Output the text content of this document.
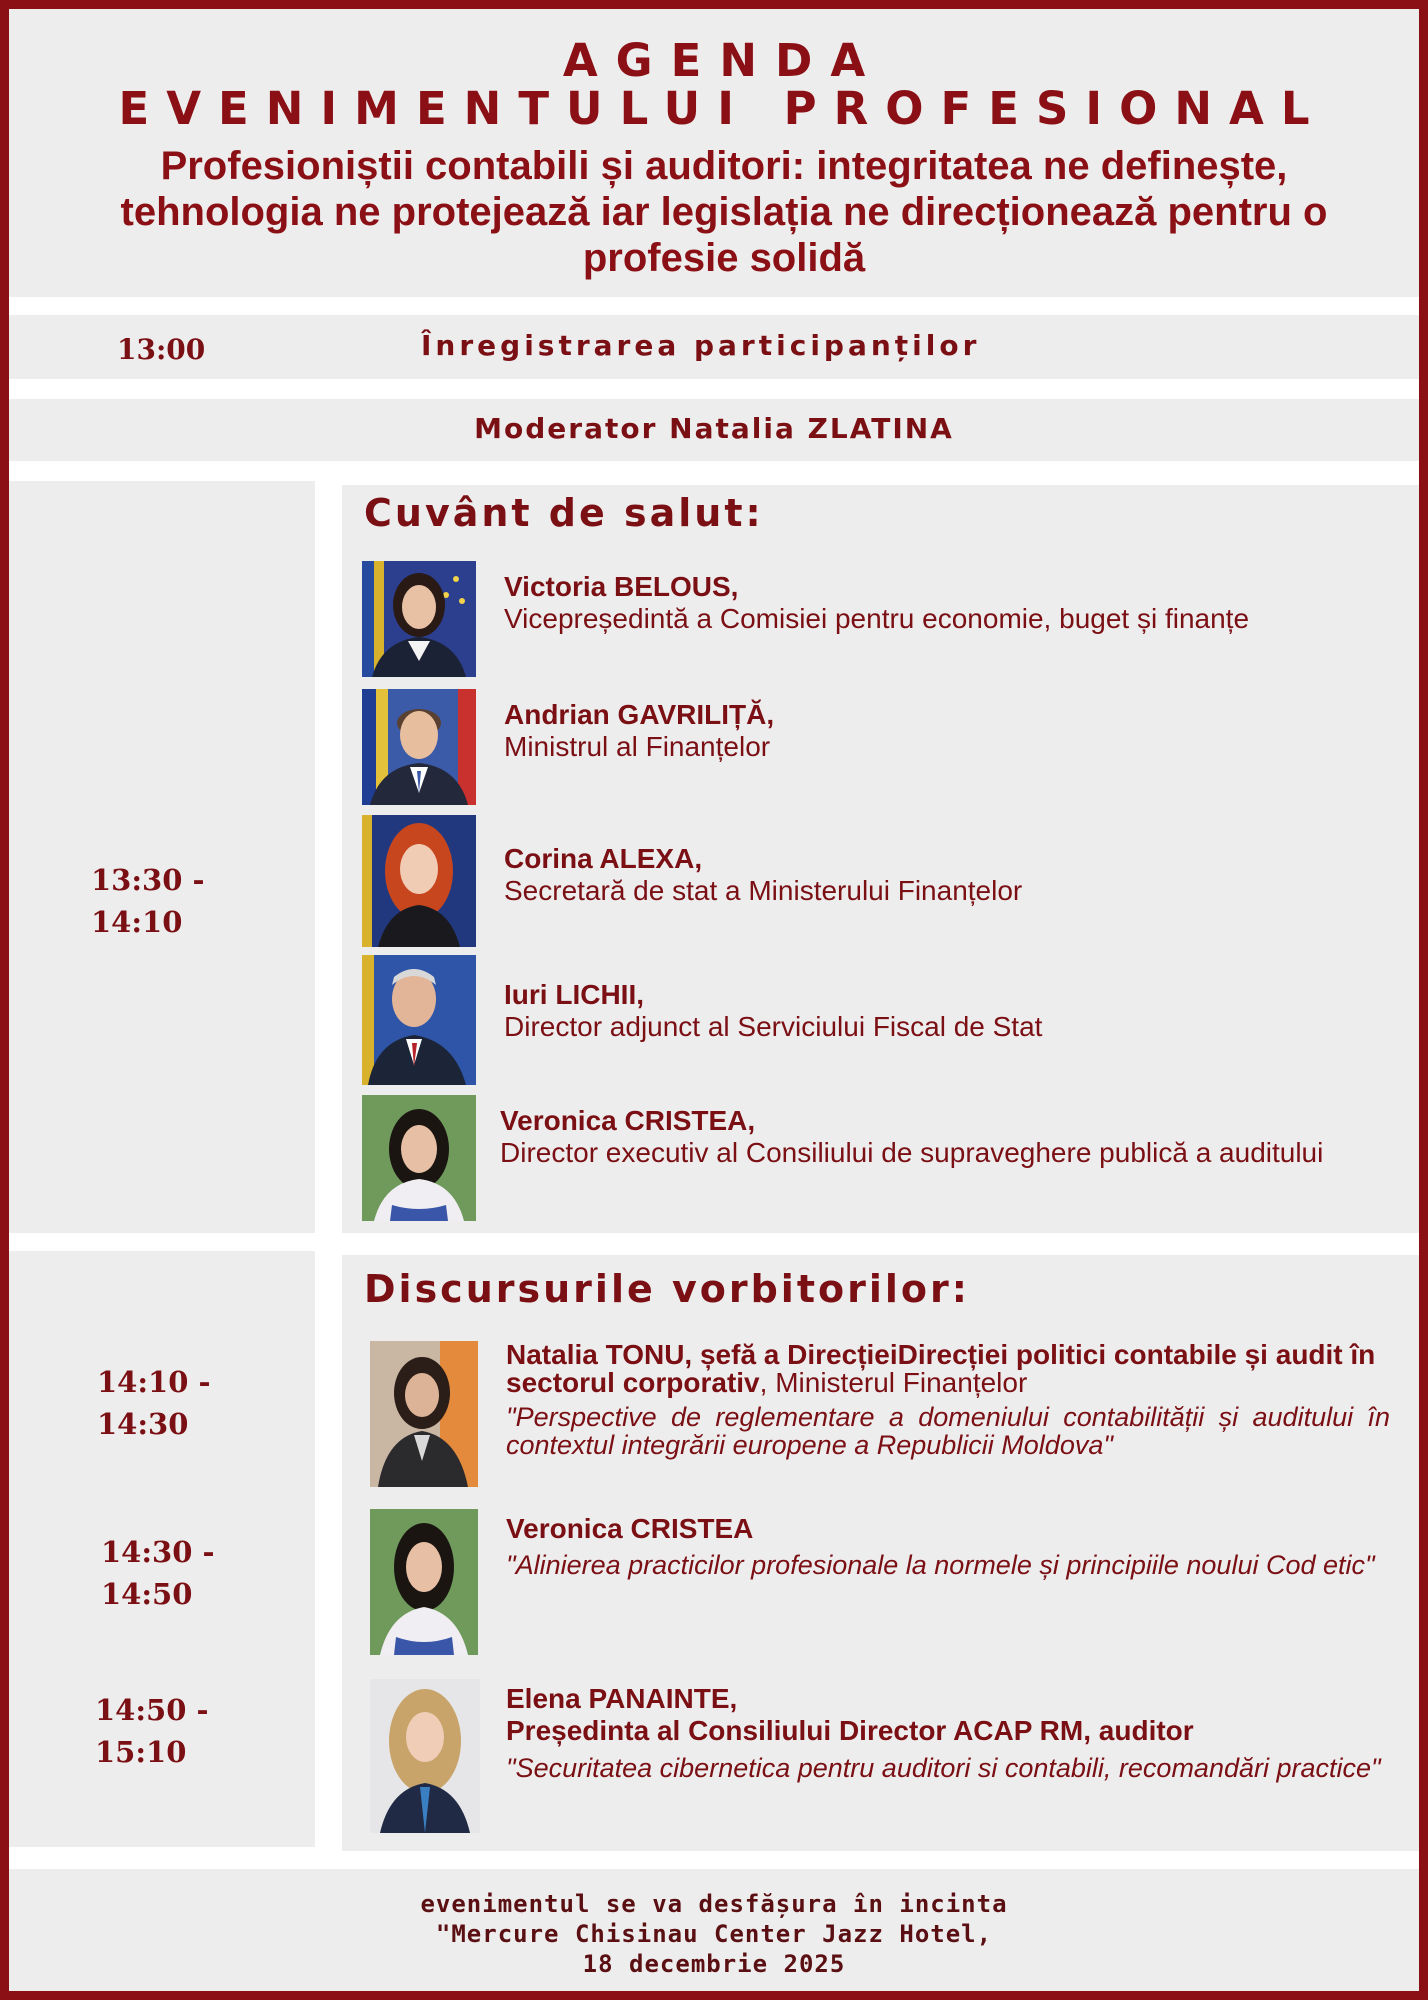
AGENDA
EVENIMENTULUI PROFESIONAL
Profesioniștii contabili și auditori: integritatea ne definește, tehnologia ne protejează iar legislația ne direcționează pentru o profesie solidă
13:00	Înregistrarea participanților
Moderator Natalia ZLATINA
13:30 -
14:10
Cuvânt de salut:
Victoria BELOUS,
Vicepreședintă a Comisiei pentru economie, buget și finanțe
Andrian GAVRILIȚĂ,
Ministrul al Finanțelor
Corina ALEXA,
Secretară de stat a Ministerului Finanțelor
Iuri LICHII,
Director adjunct al Serviciului Fiscal de Stat
Veronica CRISTEA,
Director executiv al Consiliului de supraveghere publică a auditului
14:10 -
14:30
14:30 -
14:50
14:50 -
15:10
Discursurile vorbitorilor:
Natalia TONU, șefă a DirecțieiDirecției politici contabile și audit în sectorul corporativ, Ministerul Finanțelor
"Perspective de reglementare a domeniului contabilității și auditului în contextul integrării europene a Republicii Moldova"
Veronica CRISTEA
"Alinierea practicilor profesionale la normele și principiile noului Cod etic"
Elena PANAINTE,
Președinta al Consiliului Director ACAP RM, auditor
"Securitatea cibernetica pentru auditori si contabili, recomandări practice"
evenimentul se va desfășura în incinta
"Mercure Chisinau Center Jazz Hotel,
18 decembrie 2025
